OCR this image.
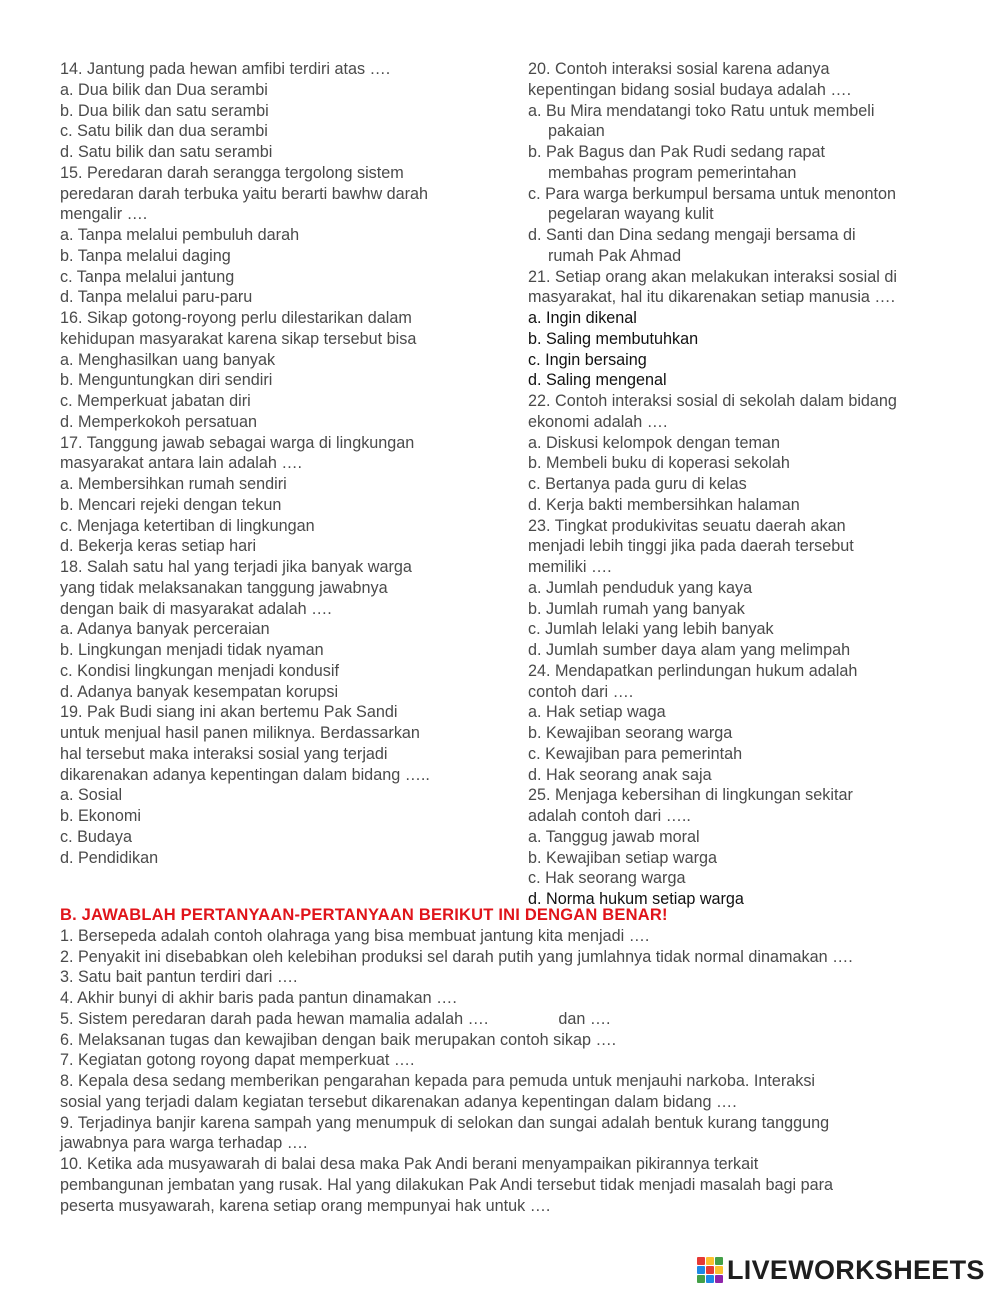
14. Jantung pada hewan amfibi terdiri atas ….
a. Dua bilik dan Dua serambi
b. Dua bilik dan satu serambi
c. Satu bilik dan dua serambi
d. Satu bilik dan satu serambi
15. Peredaran darah serangga tergolong sistem
peredaran darah terbuka yaitu berarti bawhw darah
mengalir ….
a. Tanpa melalui pembuluh darah
b. Tanpa melalui daging
c. Tanpa melalui jantung
d. Tanpa melalui paru-paru
16. Sikap gotong-royong perlu dilestarikan dalam
kehidupan masyarakat karena sikap tersebut bisa
a. Menghasilkan uang banyak
b. Menguntungkan diri sendiri
c. Memperkuat jabatan diri
d. Memperkokoh persatuan
17. Tanggung jawab sebagai warga di lingkungan
masyarakat antara lain adalah ….
a. Membersihkan rumah sendiri
b. Mencari rejeki dengan tekun
c. Menjaga ketertiban di lingkungan
d. Bekerja keras setiap hari
18. Salah satu hal yang terjadi jika banyak warga
yang tidak melaksanakan tanggung jawabnya
dengan baik di masyarakat adalah ….
a. Adanya banyak perceraian
b. Lingkungan menjadi tidak nyaman
c. Kondisi lingkungan menjadi kondusif
d. Adanya banyak kesempatan korupsi
19. Pak Budi siang ini akan bertemu Pak Sandi
untuk menjual hasil panen miliknya. Berdassarkan
hal tersebut maka interaksi sosial yang terjadi
dikarenakan adanya kepentingan dalam bidang …..
a. Sosial
b. Ekonomi
c. Budaya
d. Pendidikan
20. Contoh interaksi sosial karena adanya
kepentingan bidang sosial budaya adalah ….
a. Bu Mira mendatangi toko Ratu untuk membeli
pakaian
b. Pak Bagus dan Pak Rudi sedang rapat
membahas program pemerintahan
c. Para warga berkumpul bersama untuk menonton
pegelaran wayang kulit
d. Santi dan Dina sedang mengaji bersama di
rumah Pak Ahmad
21. Setiap orang akan melakukan interaksi sosial di
masyarakat, hal itu dikarenakan setiap manusia ….
a. Ingin dikenal
b. Saling membutuhkan
c. Ingin bersaing
d. Saling mengenal
22. Contoh interaksi sosial di sekolah dalam bidang
ekonomi adalah ….
a. Diskusi kelompok dengan teman
b. Membeli buku di koperasi sekolah
c. Bertanya pada guru di kelas
d. Kerja bakti membersihkan halaman
23. Tingkat produkivitas seuatu daerah akan
menjadi lebih tinggi jika pada daerah tersebut
memiliki ….
a. Jumlah penduduk yang kaya
b. Jumlah rumah yang banyak
c. Jumlah lelaki yang lebih banyak
d. Jumlah sumber daya alam yang melimpah
24. Mendapatkan perlindungan hukum adalah
contoh dari ….
a. Hak setiap waga
b. Kewajiban seorang warga
c. Kewajiban para pemerintah
d. Hak seorang anak saja
25. Menjaga kebersihan di lingkungan sekitar
adalah contoh dari …..
a. Tanggug jawab moral
b. Kewajiban setiap warga
c. Hak seorang warga
d. Norma hukum setiap warga
B. JAWABLAH PERTANYAAN-PERTANYAAN BERIKUT INI DENGAN BENAR!
1. Bersepeda adalah contoh olahraga yang bisa membuat jantung kita menjadi ….
2. Penyakit ini disebabkan oleh kelebihan produksi sel darah putih yang jumlahnya tidak normal dinamakan ….
3. Satu bait pantun terdiri dari ….
4. Akhir bunyi di akhir baris pada pantun dinamakan ….
5. Sistem peredaran darah pada hewan mamalia adalah ….	dan ….
6. Melaksanan tugas dan kewajiban dengan baik merupakan contoh sikap ….
7. Kegiatan gotong royong dapat memperkuat ….
8. Kepala desa sedang memberikan pengarahan kepada para pemuda untuk menjauhi narkoba. Interaksi
sosial yang terjadi dalam kegiatan tersebut dikarenakan adanya kepentingan dalam bidang ….
9. Terjadinya banjir karena sampah yang menumpuk di selokan dan sungai adalah bentuk kurang tanggung
jawabnya para warga terhadap ….
10. Ketika ada musyawarah di balai desa maka Pak Andi berani menyampaikan pikirannya terkait
pembangunan jembatan yang rusak. Hal yang dilakukan Pak Andi tersebut tidak menjadi masalah bagi para
peserta musyawarah, karena setiap orang mempunyai hak untuk ….
LIVEWORKSHEETS
